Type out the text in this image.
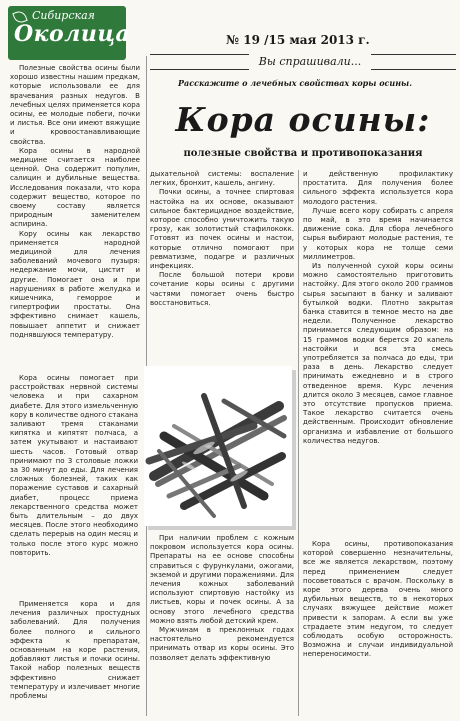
Сибирская
Околица	№ 19 /15 мая 2013 г.
Вы спрашивали...
Расскажите о лечебных свойствах коры осины.
Кора осины:
полезные свойства и противопоказания

Полезные свойства осины были хорошо известны нашим предкам, которые использовали ее для врачевания разных недугов. В лечебных целях применяется кора осины, ее молодые побеги, почки и листья. Все они имеют вяжущие и кровоостанавливающие свойства.

Кора осины в народной медицине считается наиболее ценной. Она содержит популин, салицин и дубильные вещества. Исследования показали, что кора содержит вещество, которое по своему составу является природным заменителем аспирина.

Кору осины как лекарство применяется народной медициной для лечения заболеваний мочевого пузыря: недержание мочи, цистит и другие. Помогает она и при нарушениях в работе желудка и кишечника, геморрое и гипертрофии простаты. Она эффективно снимает кашель, повышает аппетит и снижает поднявшуюся температуру.

Кора осины помогает при расстройствах нервной системы человека и при сахарном диабете. Для этого измельченную кору в количестве одного стакана заливают тремя стаканами кипятка и кипятят полчаса, а затем укутывают и настаивают шесть часов. Готовый отвар принимают по 3 столовые ложки за 30 минут до еды. Для лечения сложных болезней, таких как поражение суставов и сахарный диабет, процесс приема лекарственного средства может быть длительным – до двух месяцев. После этого необходимо сделать перерыв на один месяц и только после этого курс можно повторить.

Применяется кора и для лечения различных простудных заболеваний. Для получения более полного и сильного эффекта к препаратам, основанным на коре растения, добавляют листья и почки осины. Такой набор полезных веществ эффективно снижает температуру и излечивает многие проблемы

дыхательной системы: воспаление легких, бронхит, кашель, ангину.

Почки осины, а точнее спиртовая настойка на их основе, оказывают сильное бактерицидное воздействие, которое способно уничтожить такую грозу, как золотистый стафилококк. Готовят из почек осины и настои, которые отлично помогают при ревматизме, подагре и различных инфекциях.

После большой потери крови сочетание коры осины с другими частями помогает очень быстро восстановиться.

При наличии проблем с кожным покровом используется кора осины. Препараты на ее основе способны справиться с фурункулами, ожогами, экземой и другими поражениями. Для лечения кожных заболеваний используют спиртовую настойку из листьев, коры и почек осины. А за основу этого лечебного средства можно взять любой детский крем.

Мужчинам в преклонных годах настоятельно рекомендуется принимать отвар из коры осины. Это позволяет делать эффективную

и действенную профилактику простатита. Для получения более сильного эффекта используется кора молодого растения.

Лучше всего кору собирать с апреля по май, в это время начинается движение сока. Для сбора лечебного сырья выбирают молодые растения, те у которых кора не толще семи миллиметров.

Из полученной сухой коры осины можно самостоятельно приготовить настойку. Для этого около 200 граммов сырья засыпают в банку и заливают бутылкой водки. Плотно закрытая банка ставится в темное место на две недели. Полученное лекарство принимается следующим образом: на 15 граммов водки берется 20 капель настойки и вся эта смесь употребляется за полчаса до еды, три раза в день. Лекарство следует принимать ежедневно и в строго отведенное время. Курс лечения длится около 3 месяцев, самое главное это отсутствие пропусков приема. Такое лекарство считается очень действенным. Происходит обновление организма и избавление от большого количества недугов.

Кора осины, противопоказания которой совершенно незначительны, все же является лекарством, поэтому перед применением следует посоветоваться с врачом. Поскольку в коре этого дерева очень много дубильных веществ, то в некоторых случаях вяжущее действие может привести к запорам. А если вы уже страдаете этим недугом, то следует соблюдать особую осторожность. Возможна и случаи индивидуальной непереносимости.
